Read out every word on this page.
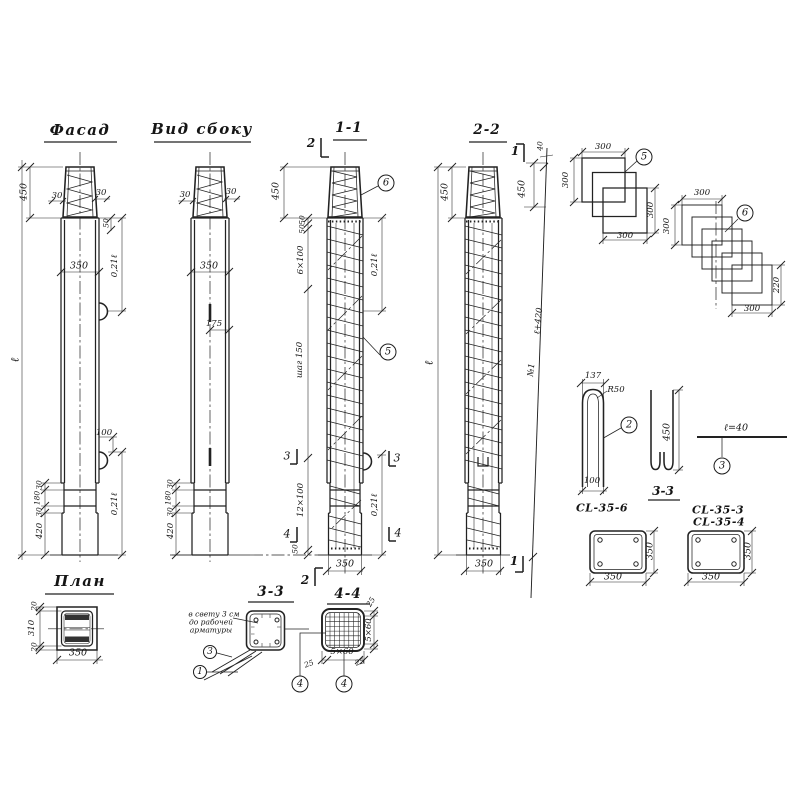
Фасад	Вид сбоку	1-1	2-2
План
3-3	4-4
3-3
CL-35-6	CL-35-3
CL-35-4
450	30	30
50
350	0,21ℓ
100
0,21ℓ
30
180
30
420
ℓ
20
310
20
350
30	30
350
175
30
180
30
420
450
50
50
6×100
шаг 150
12×100
50
0,21ℓ
0,21ℓ
350
2
2
3	3
4	4
6
5
450
ℓ
350
40
450
ℓ+420
№1
1
1
300
300
300
300
5
300
300
220
300
6
137
R50
100
2	450	ℓ=40
3
350
350
350
350
в свету 3 см
до рабочей
арматуры
3
1
25
5×60
25
5×60
25
4	4
